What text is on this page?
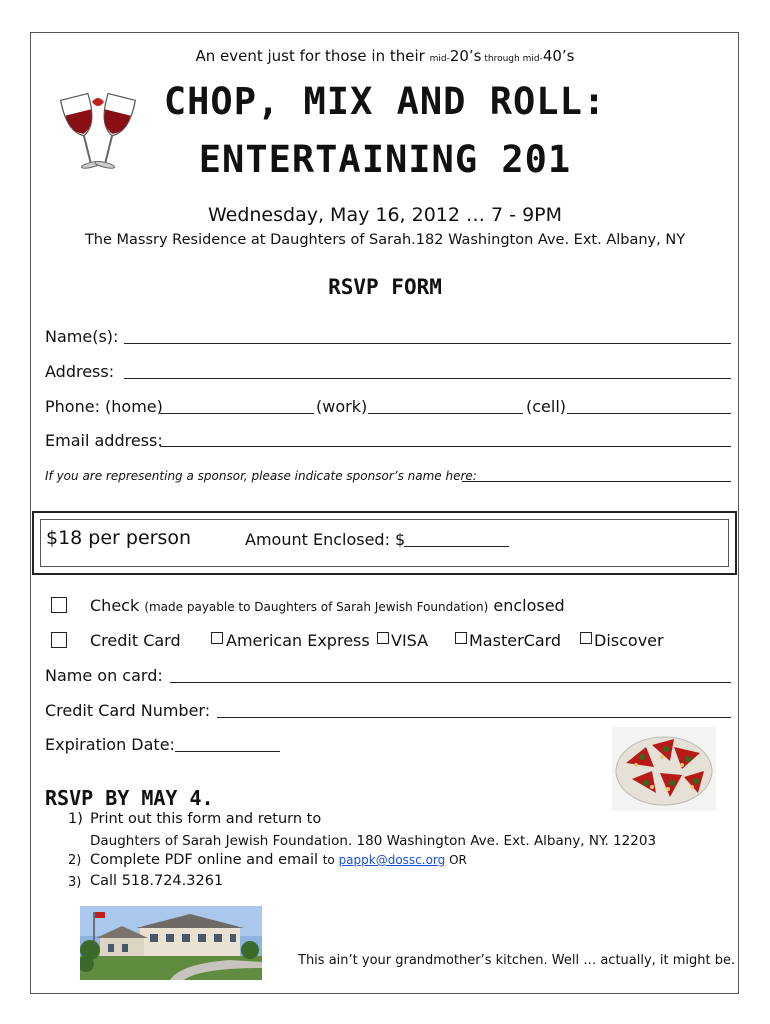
An event just for those in their mid-20’s through mid-40’s
CHOP, MIX AND ROLL:
ENTERTAINING 201
Wednesday, May 16, 2012 … 7 - 9PM
The Massry Residence at Daughters of Sarah.182 Washington Ave. Ext. Albany, NY
RSVP FORM
Name(s):
Address:
Phone: (home)	(work)	(cell)
Email address:
If you are representing a sponsor, please indicate sponsor’s name here:
$18 per person	Amount Enclosed: $
Check (made payable to Daughters of Sarah Jewish Foundation) enclosed
Credit Card	American Express VISA	MasterCard Discover
Name on card:
Credit Card Number:
Expiration Date:
RSVP BY MAY 4.
1) Print out this form and return to
Daughters of Sarah Jewish Foundation. 180 Washington Ave. Ext. Albany, NY. 12203
2) Complete PDF online and email to pappk@dossc.org OR
3) Call 518.724.3261
This ain’t your grandmother’s kitchen. Well … actually, it might be.
